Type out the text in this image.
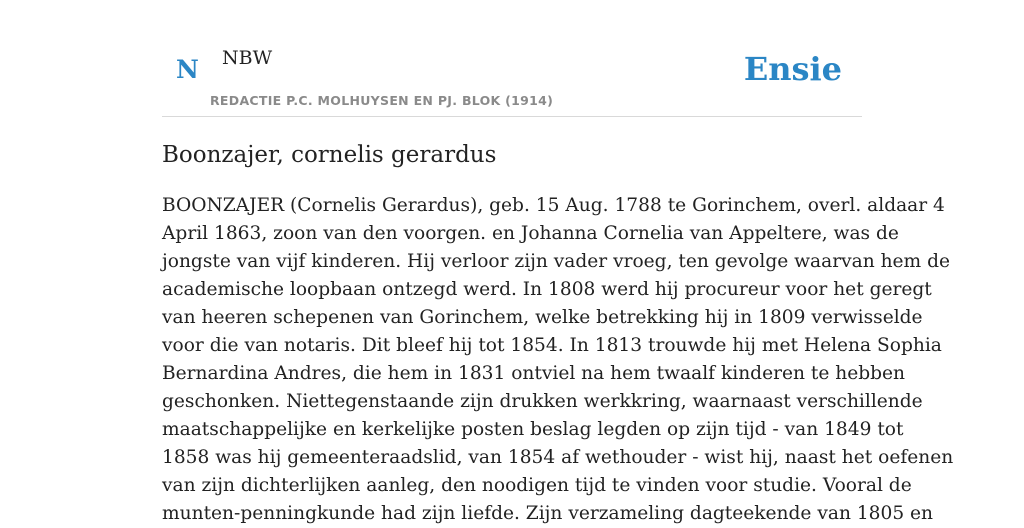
N NBW
REDACTIE P.C. MOLHUYSEN EN PJ. BLOK (1914)
Ensie
Boonzajer, cornelis gerardus

BOONZAJER (Cornelis Gerardus), geb. 15 Aug. 1788 te Gorinchem, overl. aldaar 4
April 1863, zoon van den voorgen. en Johanna Cornelia van Appeltere, was de
jongste van vijf kinderen. Hij verloor zijn vader vroeg, ten gevolge waarvan hem de
academische loopbaan ontzegd werd. In 1808 werd hij procureur voor het geregt
van heeren schepenen van Gorinchem, welke betrekking hij in 1809 verwisselde
voor die van notaris. Dit bleef hij tot 1854. In 1813 trouwde hij met Helena Sophia
Bernardina Andres, die hem in 1831 ontviel na hem twaalf kinderen te hebben
geschonken. Niettegenstaande zijn drukken werkkring, waarnaast verschillende
maatschappelijke en kerkelijke posten beslag legden op zijn tijd - van 1849 tot
1858 was hij gemeenteraadslid, van 1854 af wethouder - wist hij, naast het oefenen
van zijn dichterlijken aanleg, den noodigen tijd te vinden voor studie. Vooral de
munten-penningkunde had zijn liefde. Zijn verzameling dagteekende van 1805 en
